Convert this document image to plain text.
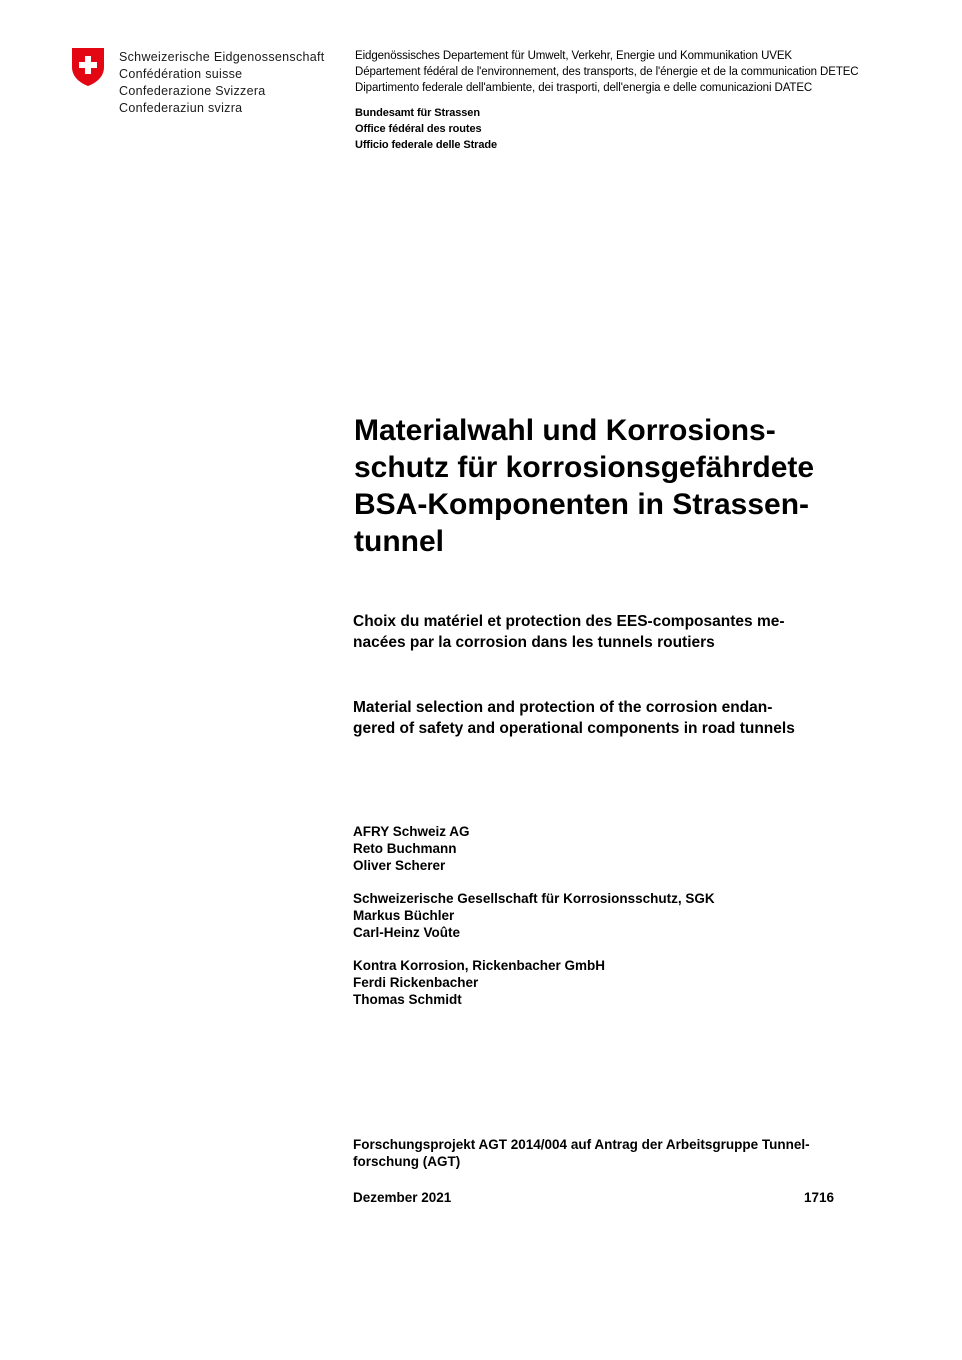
Schweizerische Eidgenossenschaft
Confédération suisse
Confederazione Svizzera
Confederaziun svizra
Eidgenössisches Departement für Umwelt, Verkehr, Energie und Kommunikation UVEK
Département fédéral de l'environnement, des transports, de l'énergie et de la communication DETEC
Dipartimento federale dell'ambiente, dei trasporti, dell'energia e delle comunicazioni DATEC
Bundesamt für Strassen
Office fédéral des routes
Ufficio federale delle Strade
Materialwahl und Korrosions-
schutz für korrosionsgefährdete
BSA-Komponenten in Strassen-
tunnel
Choix du matériel et protection des EES-composantes me-
nacées par la corrosion dans les tunnels routiers
Material selection and protection of the corrosion endan-
gered of safety and operational components in road tunnels
AFRY Schweiz AG
Reto Buchmann
Oliver Scherer
Schweizerische Gesellschaft für Korrosionsschutz, SGK
Markus Büchler
Carl-Heinz Voûte
Kontra Korrosion, Rickenbacher GmbH
Ferdi Rickenbacher
Thomas Schmidt
Forschungsprojekt AGT 2014/004 auf Antrag der Arbeitsgruppe Tunnel-
forschung (AGT)
Dezember 2021	1716
